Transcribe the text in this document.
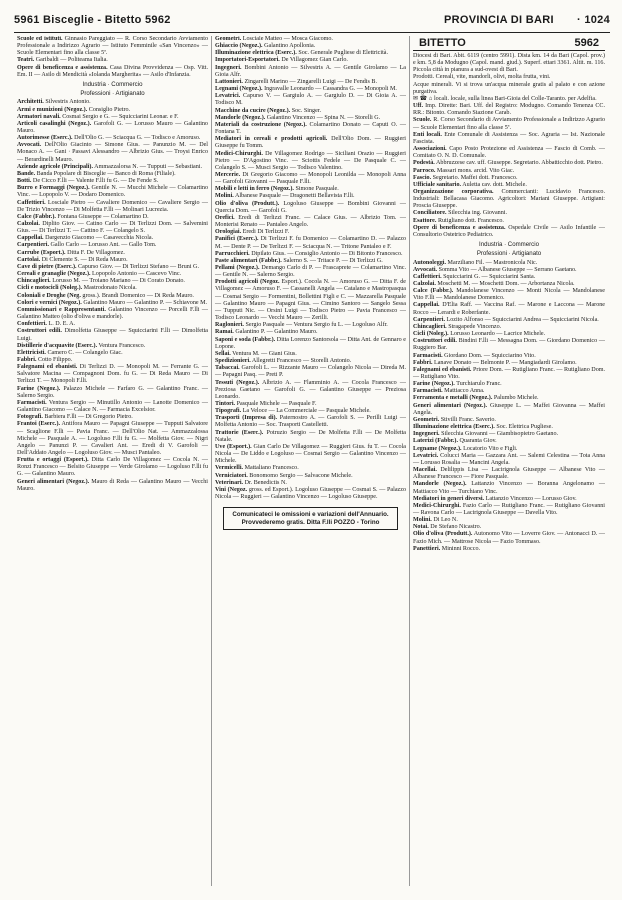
5961 Bisceglie - Bitetto 5962	PROVINCIA DI BARI · 1024

Scuole ed istituti. Ginnasio Pareggiato — R. Corso Secondario Avviamento Professionale a Indirizzo Agrario — Istituto Femminile «San Vincenzo» — Scuole Elementari fino alla classe 5ª.

Teatri. Garibaldi — Politeama Italia.

Opere di beneficenza e assistenza. Casa Divina Provvidenza — Osp. Vitt. Em. II — Asilo di Mendicità «Iolanda Margherita» — Asilo d'Infanzia.

Industria · Commercio

Professioni · Artigianato

Architetti. Silvestris Antonio.

Armi e munizioni (Negoz.). Consiglio Pietro.

Armatori navali. Cosmai Sergio e G. — Squicciarini Leonar. e F.

Articoli casalinghi (Negoz.). Garofoli G. — Lorusso Mauro — Galantino Mauro.

Autorimesse (Eserc.). Dell'Olio G. — Sciacqua G. — Todisco e Amoruso.

Avvocati. Dell'Olio Giacinto — Simone Gius. — Panunzio M. — Del Monaco A. — Gani · Passavi Alessandro — Albrizio Gius. — Troysi Enrico — Berardinelli Mauro.

Aziende agricole (Principali). Ammazzalorsa N. — Tupputi — Sebastiani.

Bande. Banda Popolare di Bisceglie — Banco di Roma (Filiale).

Botti. De Cicco F.lli — Valente F.lli fu G. — De Fende S.

Burro e Formaggi (Negoz.). Gentile N. — Mucchi Michele — Colamartino Vinc. — Lopopolo V. — Dodaro Domenico.

Caffettieri. Losciale Pietro — Cavaliere Domenico — Cavaliere Sergio — De Trizio Vincenzo — Di Molfetta F.lli — Molinari Lucrezia.

Calce (Fabbr.). Fontana Giuseppe — Colamartino D.

Calzolai. Diplito Giov. — Catino Carlo — Di Terlizzi Dom. — Salvemini Gius. — Di Terlizzi T. — Cattino F. — Colangelo S.

Cappellai. Dargenzio Giacomo — Casavecchia Nicola.

Carpentieri. Gallo Carlo — Lorusso Ant. — Gallo Tom.

Carrube (Esport.). Ditta F. De Villagomez.

Cartolai. Di Clemente S. — Di Reda Mauro.

Cave di pietre (Eserc.). Capurso Giov. — Di Terlizzi Stefano — Bruni G.

Cereali e granaglie (Negoz.). Lopopolo Antonio — Cascevo Vinc.

Chincaglieri. Lorusso M. — Troiano Mariano — Di Corato Donato.

Cicli e motocicli (Noleg.). Mastrodonato Nicola.

Coloniali e Droghe (Neg. gross.). Brandi Domenico — Di Reda Mauro.

Colori e vernici (Negoz.). Galantino Mauro — Galantino P. — Schiavone M.

Commissionari e Rappresentanti. Galantino Vincenzo — Porcelli F.lli — Galantino Matteo (olio d'oliva e mandorle).

Confettieri. L. D. E. A.

Costruttori edili. Dimolfetta Giuseppe — Squicciarini F.lli — Dimolfetta Luigi.

Distillerie d'acquavite (Eserc.). Ventura Francesco.

Elettricisti. Camero C. — Colangelo Giac.

Fabbri. Cotto Filippo.

Falegnami ed ebanisti. Di Terlizzi D. — Monopoli M. — Ferrante G. — Salvatore Macina — Compagnoni Dom. fu G. — Di Reda Mauro — Di Terlizzi T. — Monopoli F.lli.

Farine (Negoz.). Palazzo Michele — Farfaro G. — Galantino Franc. — Salerno Sergio.

Farmacisti. Ventura Sergio — Minutillo Antonio — Lanotte Domenico — Galantino Giacomo — Calace N. — Farmacia Excelsior.

Fotografi. Barbiera F.lli — Di Gregorio Pietro.

Frantoi (Eserc.). Antifora Mauro — Papagni Giuseppe — Tupputi Salvatore — Scaglione F.lli — Pavia Franc. — Dell'Olio Nat. — Ammazzalossa Michele — Pasquale A. — Logoluso F.lli fu G. — Molfetta Giov. — Nigri Angelo — Panunzi P. — Cavalieri Ant. — Eredi di V. Garofoli — Dell'Addato Angelo — Logoluso Giov. — Musci Pantaleo.

Frutta e ortaggi (Esport.). Ditta Carlo De Villagomez — Cocola N. — Ronzi Francesco — Belsito Giuseppe — Verde Girolamo — Logoluso F.lli fu G. — Galantino Mauro.

Generi alimentari (Negoz.). Mauro di Reda — Galantino Mauro — Vecchi Mauro.

Geometri. Losciale Matteo — Mosca Giacomo.

Ghiaccio (Negoz.). Galantino Apollonia.

Illuminazione elettrica (Eserc.). Soc. Generale Pugliese di Elettricità.

Importatori-Esportatori. De Villagomez Gian Carlo.

Ingegneri. Bombini Antonio — Silvestris A. — Gentile Girolamo — La Gioia Alfr.

Lattonieri. Zingarelli Marino — Zingarelli Luigi — De Fendis B.

Legnami (Negoz.). Ingravalle Leonardo — Cassandra G. — Monopoli M.

Levatrici. Capurso V. — Gargiulo A. — Gargiulo D. — Di Gioia A. — Todisco M.

Macchine da cucire (Negoz.). Soc. Singer.

Mandorle (Negoz.). Galantino Vincenzo — Spina N. — Storelli G.

Materiali da costruzione (Negoz.). Colamartino Donato — Caputi O. — Fontana T.

Mediatori in cereali e prodotti agricoli. Dell'Olio Dom. — Ruggieri Giuseppe fu Tomm.

Medici-Chirurghi. De Villagomez Rodrigo — Siciliani Orazio — Ruggieri Pietro — D'Agostino Vinc. — Sciottis Fedele — De Pasquale C. — Colangelo S. — Musci Sergio — Todisco Valentino.

Mercerie. Di Gregorio Giacomo — Monopoli Leonilda — Monopoli Anna — Garofoli Giovanni — Pasquale F.lli.

Mobili e letti in ferro (Negoz.). Simone Pasquale.

Molini. Albanese Pasquale — Dragonetti Bellavista F.lli.

Olio d'oliva (Produtt.). Logoluso Giuseppe — Bombini Giovanni — Quercia Dom. — Garofoli G.

Orefici. Eredi di Terlizzi Franc. — Calace Gius. — Albrizio Tom. — Monterisi Renato — Pantaleo Angelo.

Orologiai. Eredi Di Terlizzi F.

Panifici (Eserc.). Di Terlizzi F. fu Domenico — Colamartino D. — Palazzo M. — Dente P. — De Terlizzi F. — Sciacqua N. — Tritone Pantaleo e F.

Parrucchieri. Dipilato Gius. — Consiglio Antonio — Di Bitonto Francesco.

Paste alimentari (Fabbr.). Salerno S. — Tritace P. — Di Terlizzi G.

Pellami (Negoz.). Demango Carlo di P. — Frascaprete — Colamartino Vinc. — Gentile N. — Salerno Sergio.

Prodotti agricoli (Negoz. Esport.). Cocola N. — Amoruso G. — Ditta F. de Villagomez — Amoruso F. — Cassanelli Angela — Catalano e Mastropasqua — Cosmai Sergio — Formentini, Bollettini Figli e C. — Mazzarella Pasquale — Galantino Mauro — Papagni Gius. — Cimino Santoro — Sangelo Sessa — Tupputi Nic. — Orsini Luigi — Todisco Pietro — Pavia Francesco — Todisco Leonardo — Vecchi Mauro — Zerilli.

Raglonieri. Sergio Pasquale — Ventura Sergio fu L. — Logoluso Alfr.

Ramai. Galantino P. — Galantino Mauro.

Saponi e soda (Fabbr.). Ditta Lorenzo Santorsola — Ditta Ant. de Gennaro e Lopone.

Sellai. Ventura M. — Giani Gius.

Spedizionieri. Allegretti Francesco — Storelli Antonio.

Tabaccai. Garofoli L. — Rizzante Mauro — Colangelo Nicola — Direda M. — Papagni Pasq. — Preti P.

Tessuti (Negoz.). Albrizio A. — Flamminio A. — Cocola Francesco — Preziosa Gaetano — Garofoli G. — Galantino Giuseppe — Preziosa Leonardo.

Tintori. Pasquale Michele — Pasquale F.

Tipografi. La Veloce — La Commerciale — Pasquale Michele.

Trasporti (Impresa di). Paternostro A. — Garofoli S. — Perilli Luigi — Molfetta Antonio — Soc. Trasporti Castelletti.

Trattorie (Eserc.). Potruzio Sergio — De Molfetta F.lli — De Molfetta Natale.

Uve (Esport.). Gian Carlo De Villagomez — Ruggieri Gius. fu T. — Cocola Nicola — De Liddo e Logoluso — Cosmai Sergio — Galantino Vincenzo — Michele.

Vermicelli. Mattaliano Francesco.

Verniciatori. Bonomomo Sergio — Salvacone Michele.

Veterinari. Dr. Benedictis N.

Vini (Negoz. gross. ed Esport.). Logoluso Giuseppe — Cosmai S. — Palazzo Nicola — Ruggieri — Galantino Vincenzo — Logoluso Giuseppe.

Comunicateci le omissioni e variazioni dell'Annuario. Provvederemo gratis. Ditta F.lli POZZO - Torino
BITETTO	5962

Diocesi di Bari. Abit. 6119 (centro 5991). Dista km. 14 da Bari (Capol. prov.) e km. 5,8 da Modugno (Capol. mand. giud.). Superf. ettari 3361. Altit. m. 116. Piccola città in pianura a sud-ovest di Bari.

Prodotti. Cereali, vite, mandorli, olivi, molta frutta, vini.

Acque minerali. Vi si trova un'acqua minerale gratis al palato e con azione purgativa.

✉ ☎ ⌂ locali. locale, sulla linea Bari-Gioia del Colle-Taranto. per Adelfia.

Uff. Imp. Dirette: Bari. Uff. del Registro: Modugno. Comando Tenenza CC. RR.: Bitonto. Comando Stazione Carab.

Scuole. R. Corso Secondario di Avviamento Professionale a Indirizzo Agrario — Scuole Elementari fino alla classe 5ª.

Enti locali. Ente Comunale di Assistenza — Soc. Agraria — Ist. Nazionale Fascista.

Associazioni. Capo Posto Protezione ed Assistenza — Fascio di Comb. — Comitato O. N. D. Comunale.

Podestà. Abbruzzese cav. uff. Giuseppe. Segretario. Abbatticchio dott. Pietro.

Parroco. Massari mons. arcid. Vito Giac.

Fascio. Segretario. Maffei dott. Francesco.

Ufficiale sanitario. Auletta cav. dott. Michele.

Organizzazione corporativa. Commercianti: Lucidavio Francesco. Industriali: Bellacasa Giacomo. Agricoltori: Mariani Giuseppe. Artigiani: Proscia Giuseppe.

Conciliatore. Silecchia ing. Giovanni.

Esattore. Rutigliano dott. Francesco.

Opere di beneficenza e assistenza. Ospedale Civile — Asilo Infantile — Consultorio Ostetrico Pediatrico.

Industria · Commercio

Professioni · Artigianato

Autonoleggi. Marziliano Fil. — Mastronicola Nic.

Avvocati. Somma Vito — Albanese Giuseppe — Serrano Gaetano.

Caffettieri. Squicciarini G. — Squicciarini Santa.

Calzolai. Moschetti M. — Moschetti Dom. — Arbortanza Nicola.

Calce (Fabbr.). Mandolanese Vincenzo — Monti Nicola — Mandolanese Vito F.lli — Mandolanese Domenico.

Cappellai. D'Elia Raff. — Vaccina Raf. — Marone e Laccona — Marone Rocco — Lerardi e Roberfante.

Carpentieri. Lozito Alfonso — Squicciarini Andrea — Squicciarini Nicola.

Chincaglieri. Stragapede Vincenzo.

Cicli (Noleg.). Lorusso Leonardo — Lacrice Michele.

Costruttori edili. Bindini F.lli — Messagna Dom. — Giordano Domenico — Ruggiero Bar.

Farmacisti. Giordano Dom. — Squicciarino Vito.

Fabbri. Lanave Donato — Belmonte P. — Mangiadardi Girolamo.

Falegnami ed ebanisti. Priore Dom. — Rutigliano Franc. — Rutigliano Dom. — Rutigliano Vito.

Farine (Negoz.). Turchiarulo Franc.

Farmacisti. Mattiacco Anna.

Ferramenta e metalli (Negoz.). Palumbo Michele.

Generi alimentari (Negoz.). Giuseppe L. — Maffei Giovanna — Maffei Angela.

Geometri. Stivilli Franc. Saverio.

Illuminazione elettrica (Eserc.). Soc. Elettrica Pugliese.

Ingegneri. Silecchia Giovanni — Giambisopietro Gaetano.

Laterizi (Fabbr.). Quaranta Giov.

Legname (Negoz.). Locatorio Vito e Figli.

Levatrici. Colucci Maria — Gazzara Ant. — Salemi Celestina — Tota Anna — Lorusso Rosalia — Mancini Angela.

Macellai. Delilippis Lisa — Lacirignola Giuseppe — Albanese Vito — Albanese Francesco — Fiore Pasquale.

Mandorle (Negoz.). Lattanzio Vincenzo — Boranna Angelonamo — Mattiacco Vito — Turchiano Vinc.

Mediatori in generi diversi. Lattanzio Vincenzo — Lorusso Giov.

Medici-Chirurghi. Fazio Carlo — Rutigliano Franc. — Rutigliano Giovanni — Ravona Carlo — Lacirignola Giuseppe — Davella Vito.

Molini. Di Leo N.

Notai. De Stefano Nicastro.

Olio d'oliva (Produtt.). Autonomo Vito — Loverre Giov. — Antonacci D. — Fazio Mich. — Mattrose Nicola — Fazio Tommaso.

Panettieri. Mininni Rocco.
